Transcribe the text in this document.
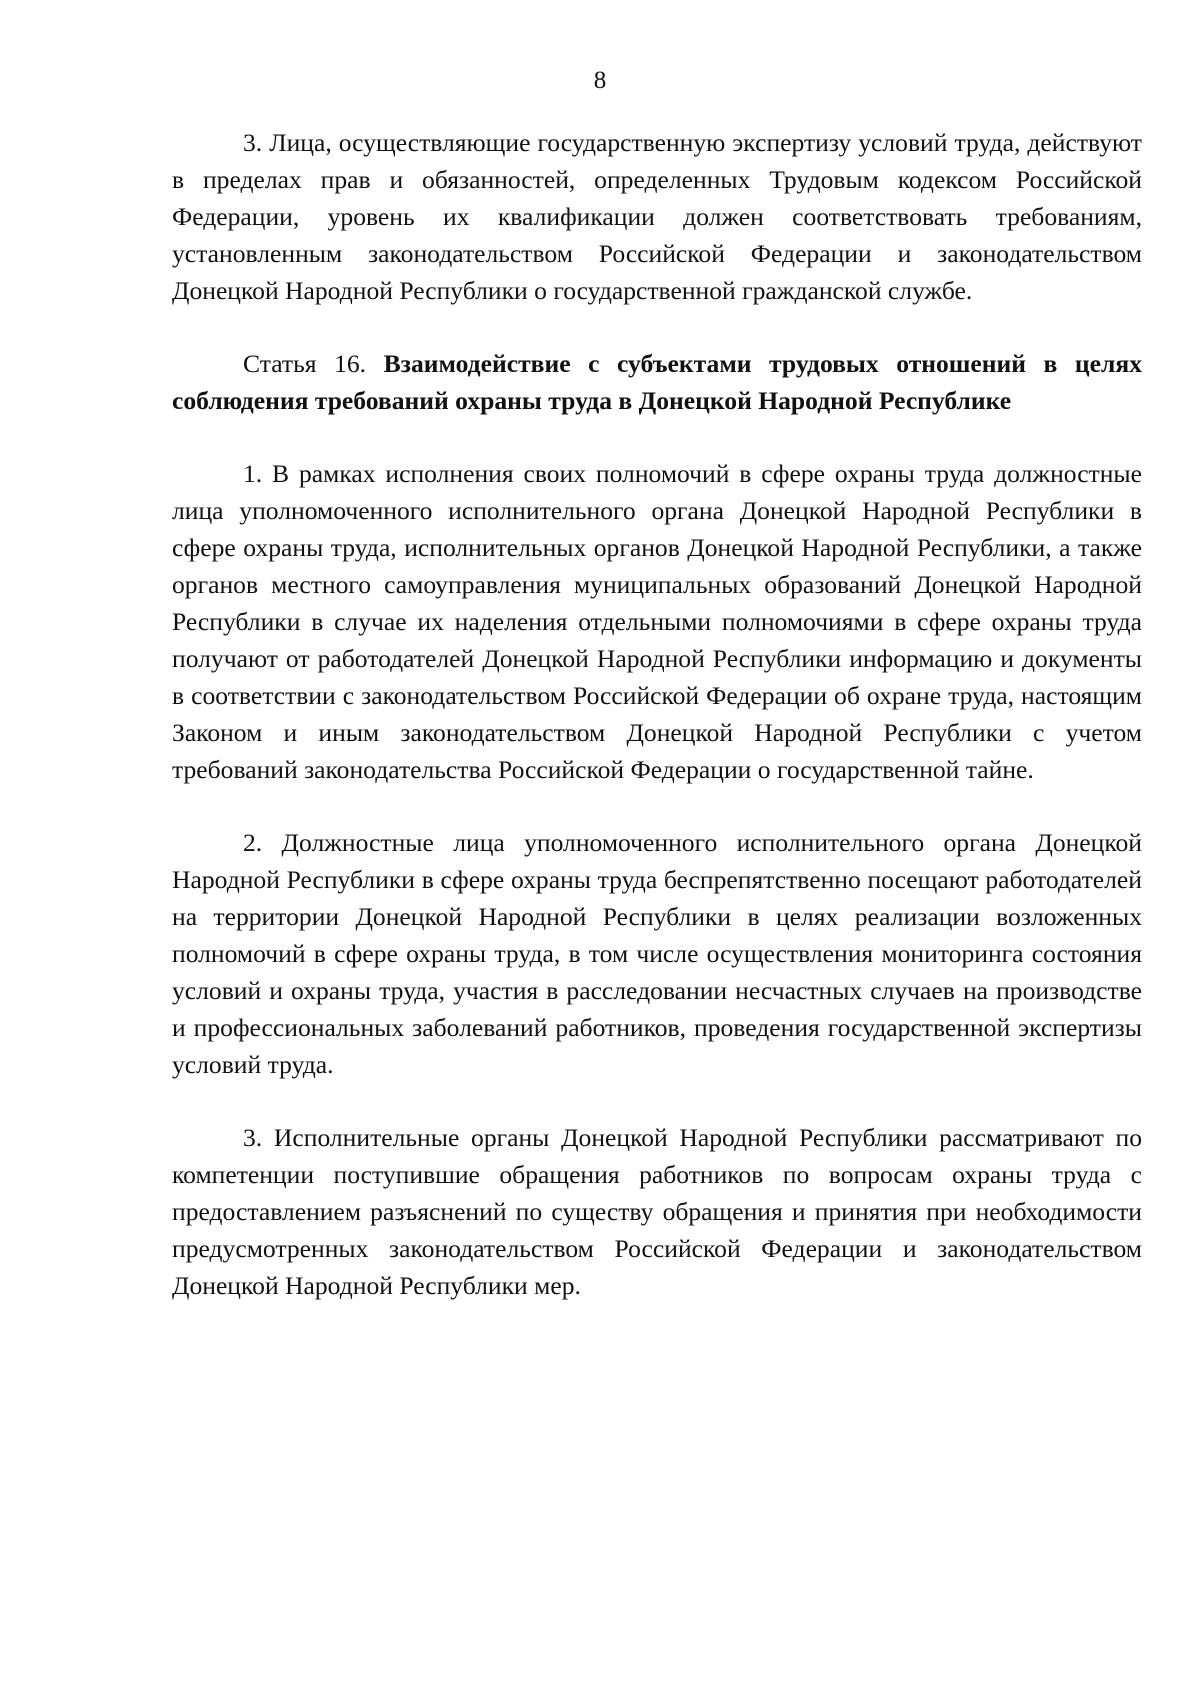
8

3. Лица, осуществляющие государственную экспертизу условий труда, действуют в пределах прав и обязанностей, определенных Трудовым кодексом Российской Федерации, уровень их квалификации должен соответствовать требованиям, установленным законодательством Российской Федерации и законодательством Донецкой Народной Республики о государственной гражданской службе.

Статья 16. Взаимодействие с субъектами трудовых отношений в целях соблюдения требований охраны труда в Донецкой Народной Республике

1. В рамках исполнения своих полномочий в сфере охраны труда должностные лица уполномоченного исполнительного органа Донецкой Народной Республики в сфере охраны труда, исполнительных органов Донецкой Народной Республики, а также органов местного самоуправления муниципальных образований Донецкой Народной Республики в случае их наделения отдельными полномочиями в сфере охраны труда получают от работодателей Донецкой Народной Республики информацию и документы в соответствии с законодательством Российской Федерации об охране труда, настоящим Законом и иным законодательством Донецкой Народной Республики с учетом требований законодательства Российской Федерации о государственной тайне.

2. Должностные лица уполномоченного исполнительного органа Донецкой Народной Республики в сфере охраны труда беспрепятственно посещают работодателей на территории Донецкой Народной Республики в целях реализации возложенных полномочий в сфере охраны труда, в том числе осуществления мониторинга состояния условий и охраны труда, участия в расследовании несчастных случаев на производстве и профессиональных заболеваний работников, проведения государственной экспертизы условий труда.

3. Исполнительные органы Донецкой Народной Республики рассматривают по компетенции поступившие обращения работников по вопросам охраны труда с предоставлением разъяснений по существу обращения и принятия при необходимости предусмотренных законодательством Российской Федерации и законодательством Донецкой Народной Республики мер.
